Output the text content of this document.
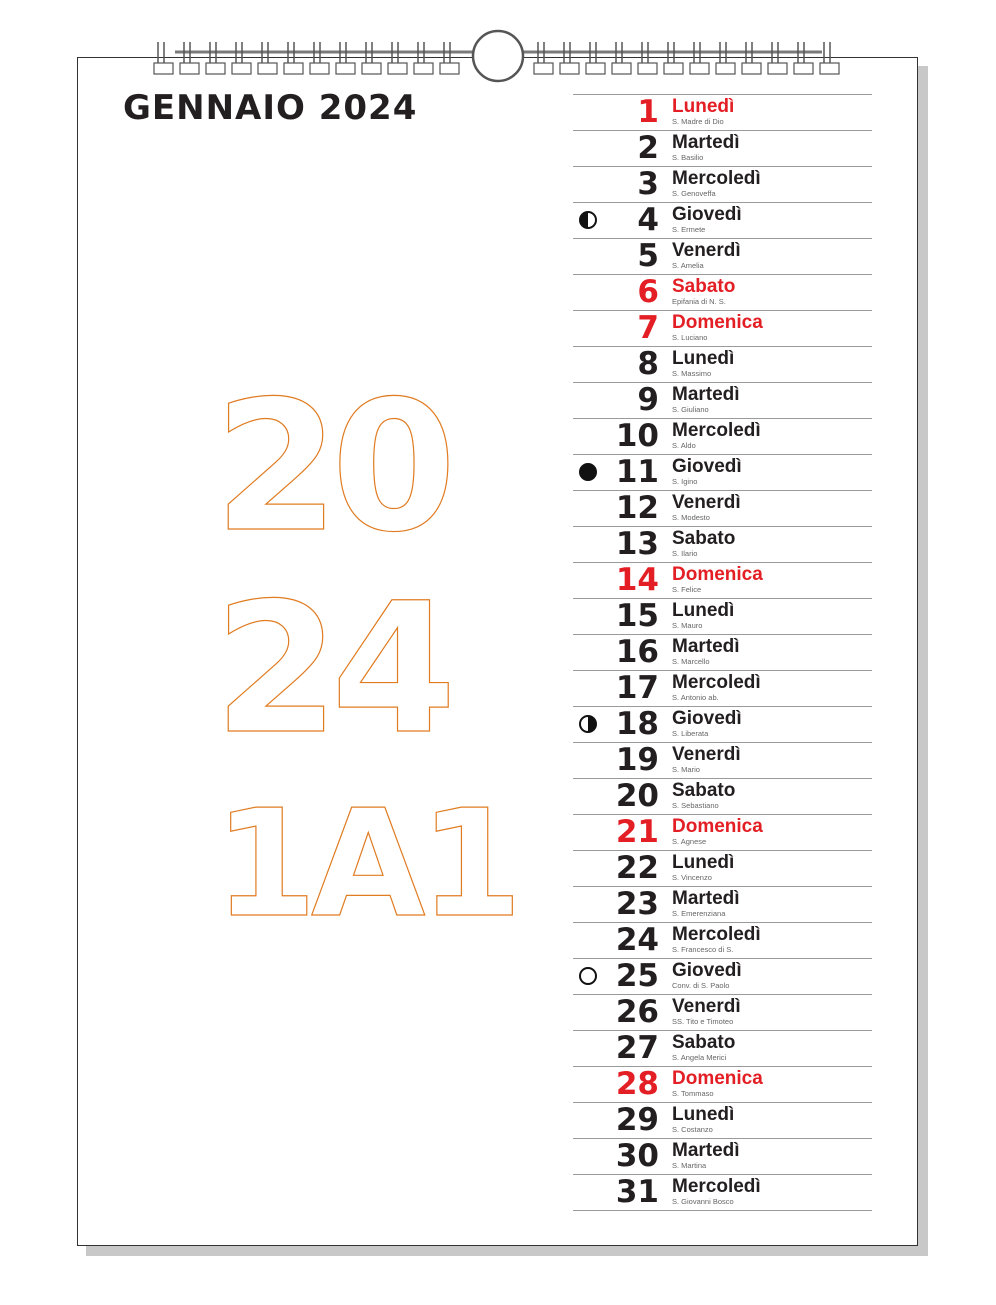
GENNAIO 2024
20
24
1A1
1 Lunedì
S. Madre di Dio
2 Martedì
S. Basilio
3 Mercoledì
S. Genoveffa
4 Giovedì
S. Ermete
5 Venerdì
S. Amelia
6 Sabato
Epifania di N. S.
7 Domenica
S. Luciano
8 Lunedì
S. Massimo
9 Martedì
S. Giuliano
10 Mercoledì
S. Aldo
11 Giovedì
S. Igino
12 Venerdì
S. Modesto
13 Sabato
S. Ilario
14 Domenica
S. Felice
15 Lunedì
S. Mauro
16 Martedì
S. Marcello
17 Mercoledì
S. Antonio ab.
18 Giovedì
S. Liberata
19 Venerdì
S. Mario
20 Sabato
S. Sebastiano
21 Domenica
S. Agnese
22 Lunedì
S. Vincenzo
23 Martedì
S. Emerenziana
24 Mercoledì
S. Francesco di S.
25 Giovedì
Conv. di S. Paolo
26 Venerdì
SS. Tito e Timoteo
27 Sabato
S. Angela Merici
28 Domenica
S. Tommaso
29 Lunedì
S. Costanzo
30 Martedì
S. Martina
31 Mercoledì
S. Giovanni Bosco
